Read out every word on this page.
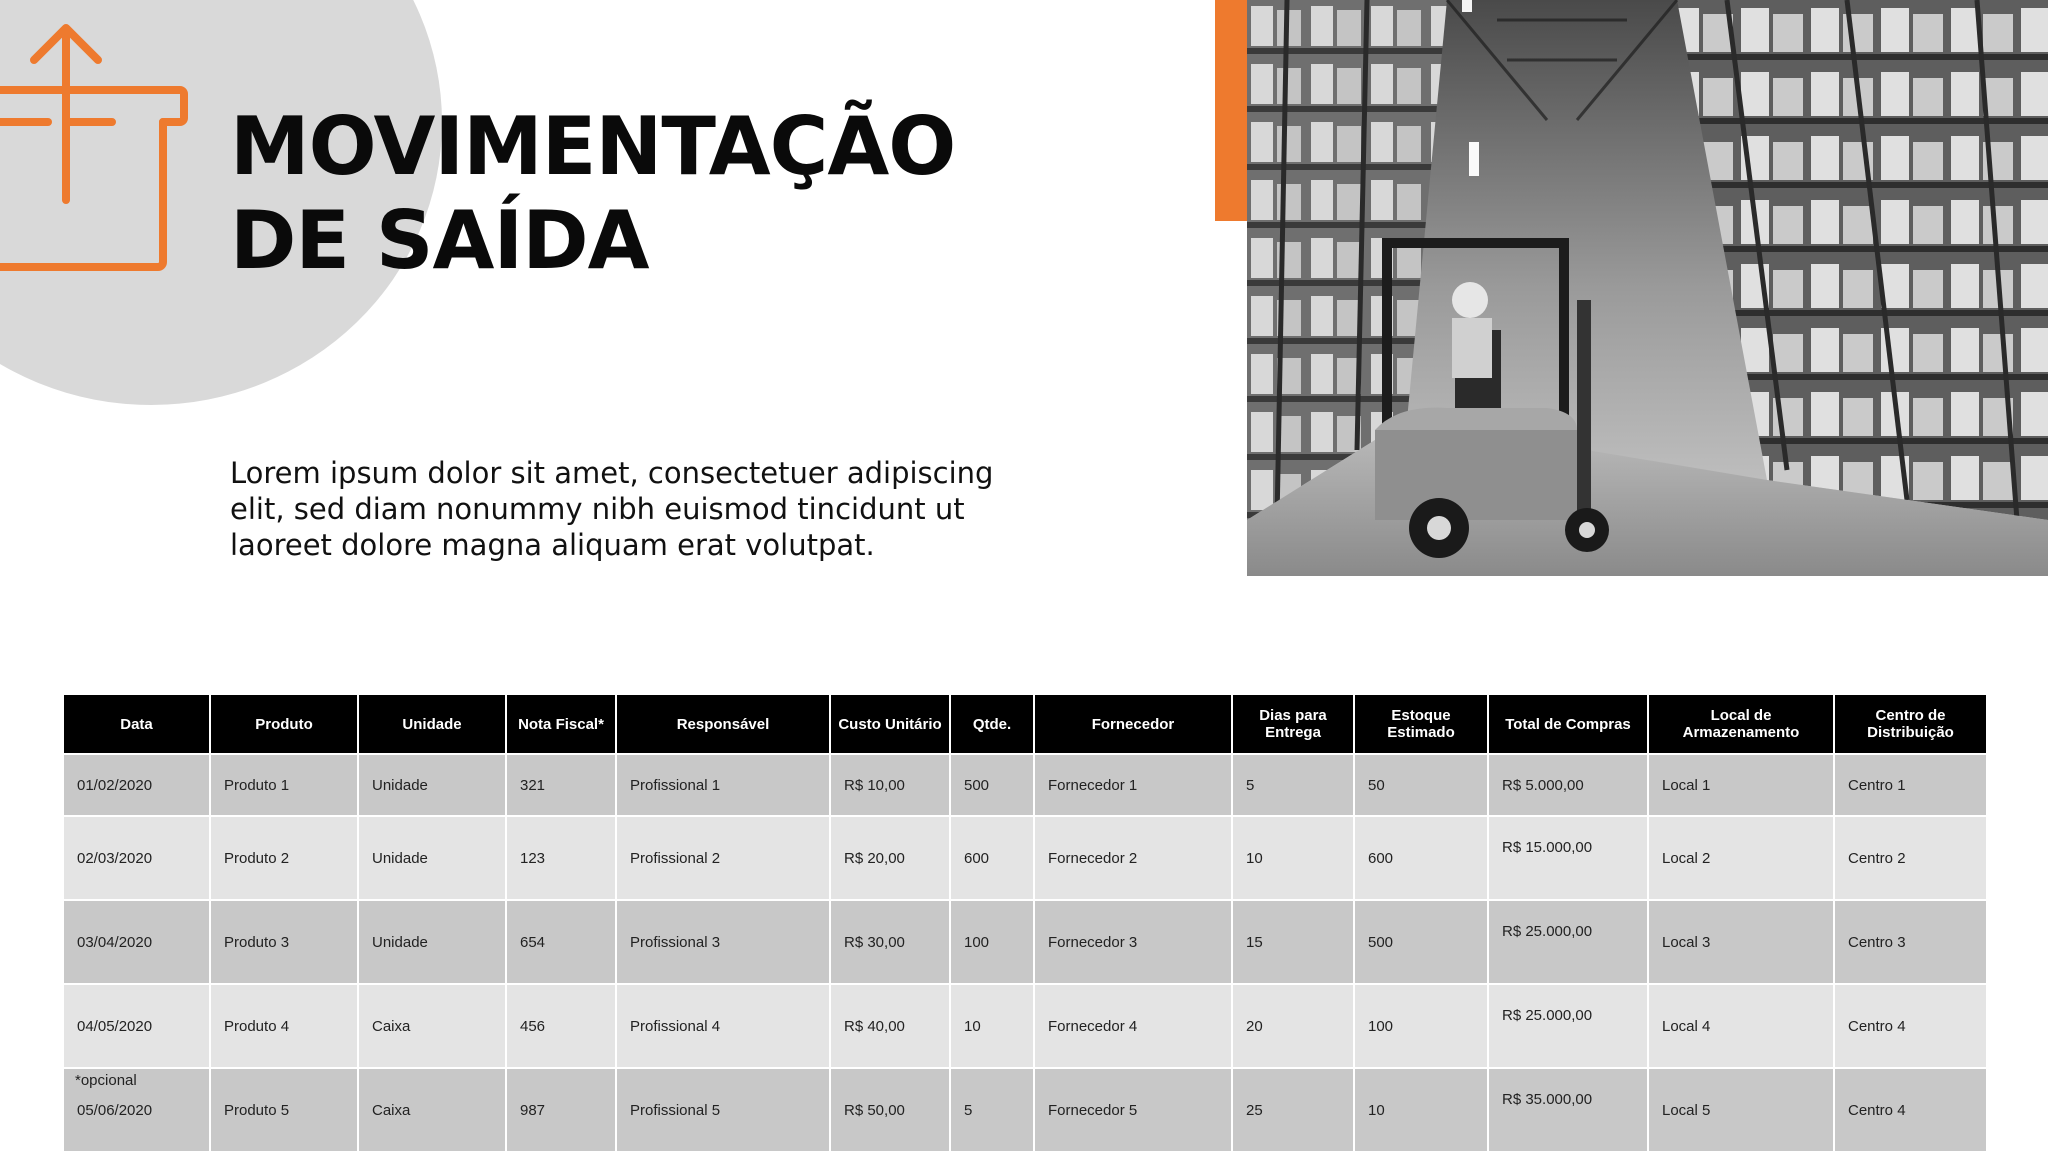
MOVIMENTAÇÃO
DE SAÍDA

Lorem ipsum dolor sit amet, consectetuer adipiscing elit, sed diam nonummy nibh euismod tincidunt ut laoreet dolore magna aliquam erat volutpat.

Data	Produto	Unidade	Nota Fiscal*	Responsável	Custo Unitário	Qtde.	Fornecedor	Dias para Entrega	Estoque Estimado	Total de Compras	Local de Armazenamento	Centro de Distribuição
01/02/2020	Produto 1	Unidade	321	Profissional 1	R$ 10,00	500	Fornecedor 1	5	50	R$ 5.000,00	Local 1	Centro 1
02/03/2020	Produto 2	Unidade	123	Profissional 2	R$ 20,00	600	Fornecedor 2	10	600	R$ 15.000,00	Local 2	Centro 2
03/04/2020	Produto 3	Unidade	654	Profissional 3	R$ 30,00	100	Fornecedor 3	15	500	R$ 25.000,00	Local 3	Centro 3
04/05/2020	Produto 4	Caixa	456	Profissional 4	R$ 40,00	10	Fornecedor 4	20	100	R$ 25.000,00	Local 4	Centro 4
05/06/2020	Produto 5	Caixa	987	Profissional 5	R$ 50,00	5	Fornecedor 5	25	10	R$ 35.000,00	Local 5	Centro 4
*opcional
